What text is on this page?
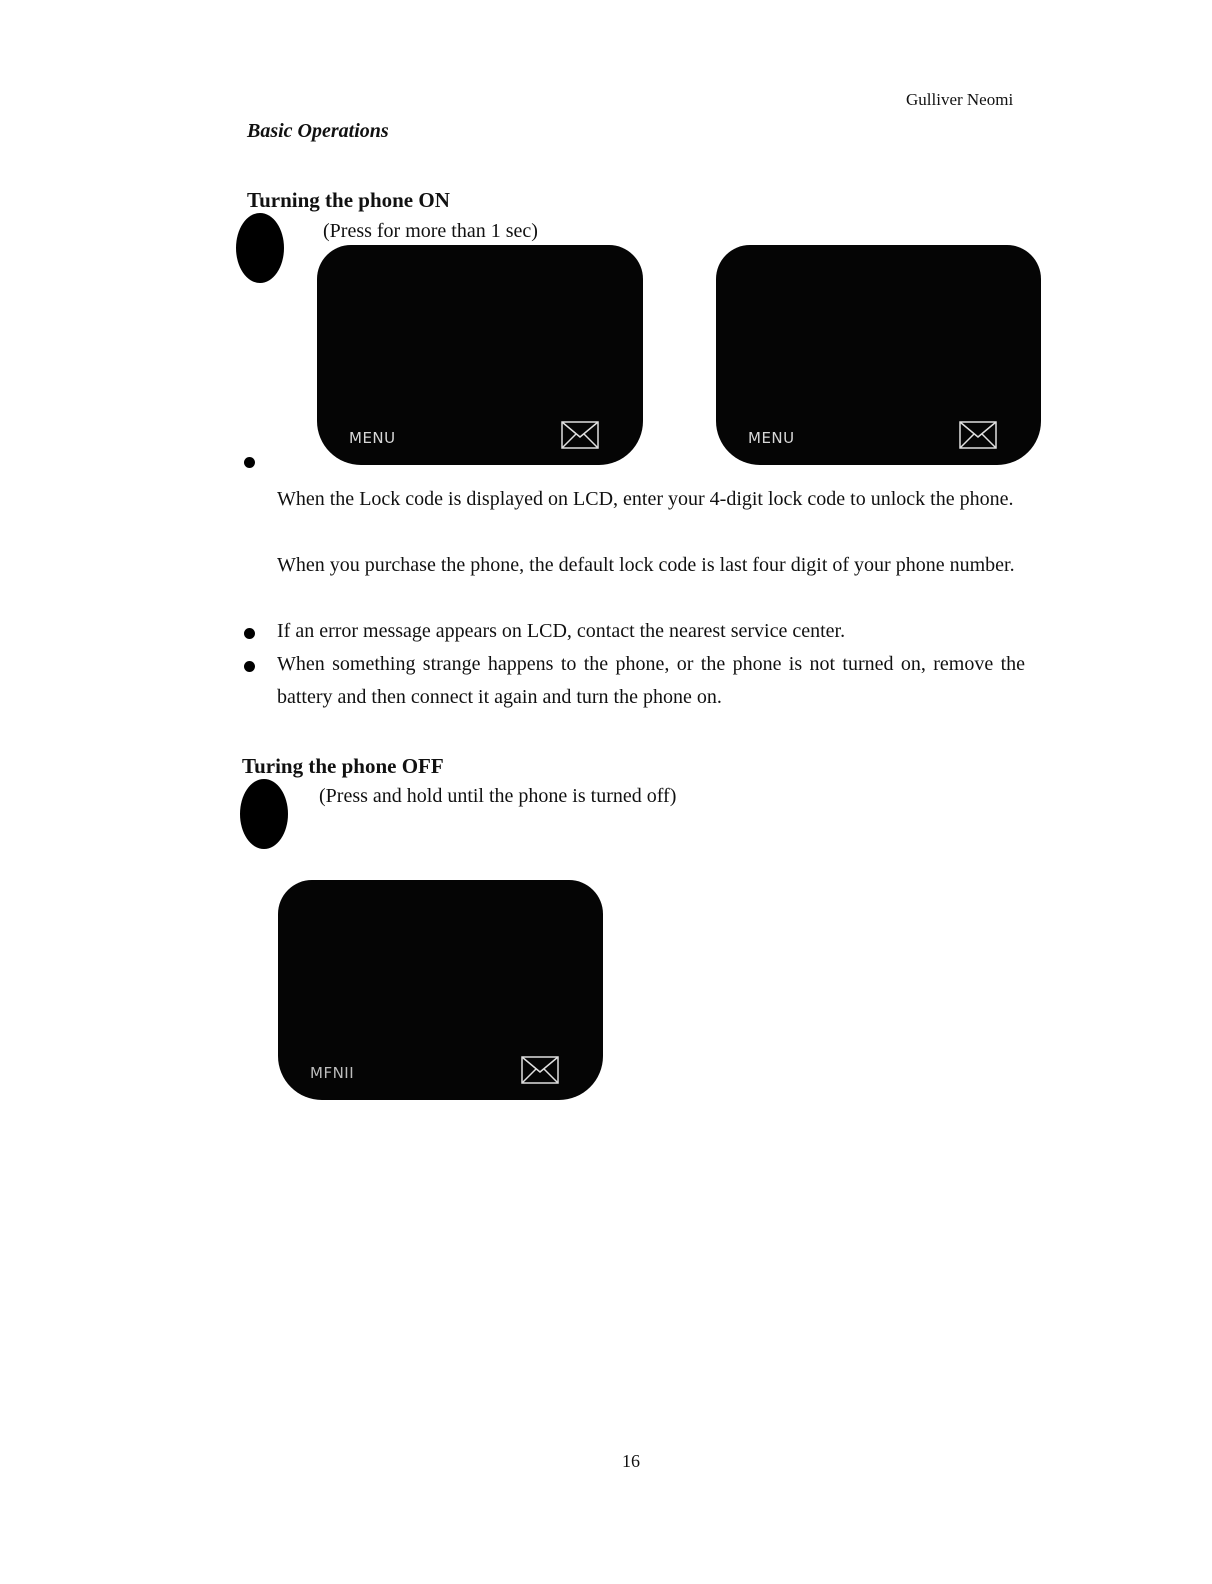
Gulliver Neomi
Basic Operations
Turning the phone ON
(Press for more than 1 sec)
MENU	MENU
When the Lock code is displayed on LCD, enter your 4-digit lock code to unlock the phone.
When you purchase the phone, the default lock code is last four digit of your phone number.
If an error message appears on LCD, contact the nearest service center.
When something strange happens to the phone, or the phone is not turned on, remove the battery and then connect it again and turn the phone on.
Turing the phone OFF
(Press and hold until the phone is turned off)
MFNII
16
